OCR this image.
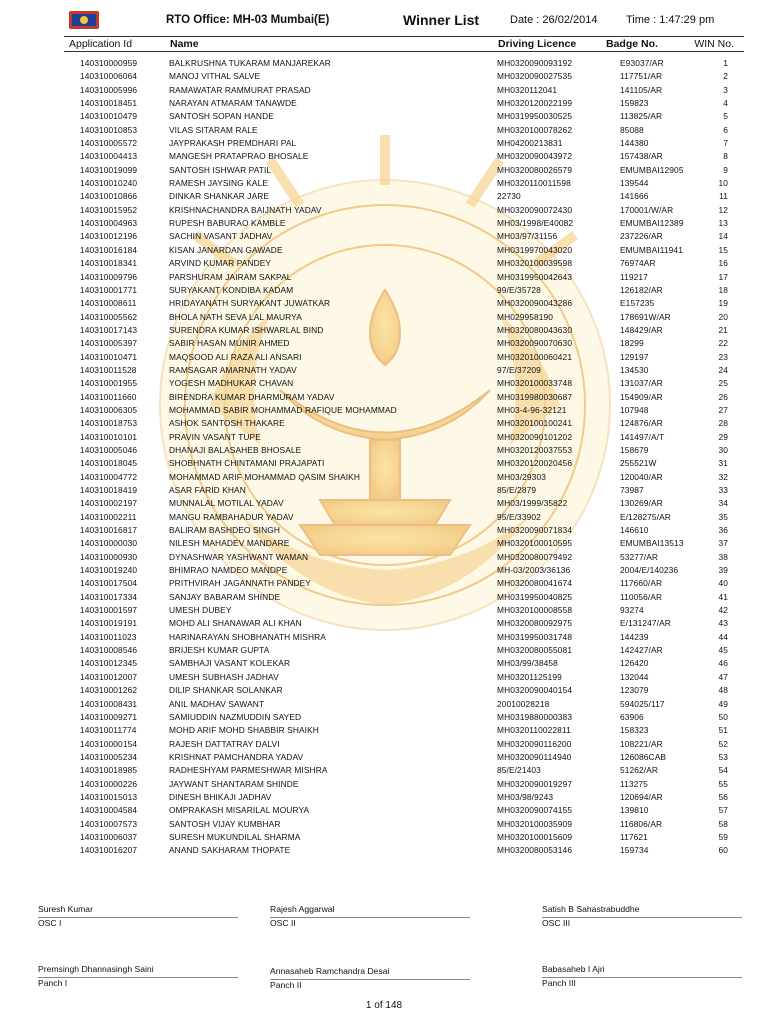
RTO Office: MH-03 Mumbai(E)	Winner List	Date : 26/02/2014	Time : 1:47:29 pm
Application Id	Name	Driving Licence	Badge No.	WIN No.
140310000959	BALKRUSHNA TUKARAM MANJAREKAR	MH0320090093192	E93037/AR	1
140310006064	MANOJ VITHAL SALVE	MH0320090027535	117751/AR	2
140310005996	RAMAWATAR RAMMURAT PRASAD	MH0320112041	141105/AR	3
140310018451	NARAYAN ATMARAM TANAWDE	MH0320120022199	159823	4
140310010479	SANTOSH SOPAN HANDE	MH0319950030525	113825/AR	5
140310010853	VILAS SITARAM RALE	MH0320100078262	85088	6
140310005572	JAYPRAKASH PREMDHARI PAL	MH04200213831	144380	7
140310004413	MANGESH PRATAPRAO BHOSALE	MH0320090043972	157438/AR	8
140310019099	SANTOSH ISHWAR PATIL	MH0320080026579	EMUMBAI12905	9
140310010240	RAMESH JAYSING KALE	MH0320110011598	139544	10
140310010866	DINKAR SHANKAR JARE	22730	141666	11
140310015952	KRISHNACHANDRA BAIJNATH YADAV	MH0320090072430	170001/W/AR	12
140310004963	RUPESH BABURAO KAMBLE	MH03/1998/E40082	EMUMBAI12389	13
140310012196	SACHIN VASANT JADHAV	MH03/97/31156	237226/AR	14
140310016184	KISAN JANARDAN GAWADE	MH0319970043020	EMUMBAI11941	15
140310018341	ARVIND KUMAR PANDEY	MH0320100039598	76974AR	16
140310009796	PARSHURAM JAIRAM SAKPAL	MH0319950042643	119217	17
140310001771	SURYAKANT KONDIBA KADAM	99/E/35728	126182/AR	18
140310008611	HRIDAYANATH SURYAKANT JUWATKAR	MH0320090043286	E157235	19
140310005562	BHOLA NATH SEVA LAL MAURYA	MH029958190	178691W/AR	20
140310017143	SURENDRA KUMAR ISHWARLAL BIND	MH0320080043630	148429/AR	21
140310005397	SABIR HASAN MUNIR AHMED	MH0320090070630	18299	22
140310010471	MAQSOOD ALI RAZA ALI ANSARI	MH0320100060421	129197	23
140310011528	RAMSAGAR AMARNATH YADAV	97/E/37209	134530	24
140310001955	YOGESH MADHUKAR CHAVAN	MH0320100033748	131037/AR	25
140310011660	BIRENDRA KUMAR DHARMURAM YADAV	MH0319980030687	154909/AR	26
140310006305	MOHAMMAD SABIR MOHAMMAD RAFIQUE MOHAMMAD	MH03-4-96-32121	107948	27
140310018753	ASHOK SANTOSH THAKARE	MH0320100100241	124876/AR	28
140310010101	PRAVIN VASANT TUPE	MH0320090101202	141497/A/T	29
140310005046	DHANAJI BALASAHEB BHOSALE	MH0320120037553	158679	30
140310018045	SHOBHNATH CHINTAMANI PRAJAPATI	MH0320120020456	255521W	31
140310004772	MOHAMMAD ARIF MOHAMMAD QASIM SHAIKH	MH03/29303	120040/AR	32
140310018419	ASAR FARID KHAN	85/E/2879	73987	33
140310002197	MUNNALAL MOTILAL YADAV	MH03/1999/35822	130269/AR	34
140310002211	MANGU RAMBAHADUR YADAV	95/E/33902	E/128275/AR	35
140310016817	BALIRAM BASHDEO SINGH	MH0320090071834	146610	36
140310000030	NILESH MAHADEV MANDARE	MH0320100010595	EMUMBAI13513	37
140310000930	DYNASHWAR YASHWANT WAMAN	MH0320080079492	53277/AR	38
140310019240	BHIMRAO NAMDEO MANDPE	MH-03/2003/36136	2004/E/140236	39
140310017504	PRITHVIRAH JAGANNATH PANDEY	MH0320080041674	117660/AR	40
140310017334	SANJAY BABARAM SHINDE	MH0319950040825	110056/AR	41
140310001597	UMESH DUBEY	MH0320100008558	93274	42
140310019191	MOHD ALI SHANAWAR ALI KHAN	MH0320080092975	E/131247/AR	43
140310011023	HARINARAYAN SHOBHANATH MISHRA	MH0319950031748	144239	44
140310008546	BRIJESH KUMAR GUPTA	MH0320080055081	142427/AR	45
140310012345	SAMBHAJI VASANT KOLEKAR	MH03/99/38458	126420	46
140310012007	UMESH SUBHASH JADHAV	MH03201125199	132044	47
140310001262	DILIP SHANKAR SOLANKAR	MH0320090040154	123079	48
140310008431	ANIL MADHAV SAWANT	20010028218	594025/117	49
140310009271	SAMIUDDIN NAZMUDDIN SAYED	MH0319880000383	63906	50
140310011774	MOHD ARIF MOHD SHABBIR SHAIKH	MH0320110022811	158323	51
140310000154	RAJESH DATTATRAY DALVI	MH0320090116200	108221/AR	52
140310005234	KRISHNAT PAMCHANDRA YADAV	MH0320090114940	126086CAB	53
140310018985	RADHESHYAM PARMESHWAR MISHRA	85/E/21403	51262/AR	54
140310000226	JAYWANT SHANTARAM SHINDE	MH0320090019297	113275	55
140310015013	DINESH BHIKAJI JADHAV	MH03/98/9243	120694/AR	56
140310004584	OMPRAKASH MISARILAL MOURYA	MH0320090074155	139810	57
140310007573	SANTOSH VIJAY KUMBHAR	MH0320100035909	116806/AR	58
140310006037	SURESH MUKUNDILAL SHARMA	MH0320100015609	117621	59
140310016207	ANAND SAKHARAM THOPATE	MH0320080053146	159734	60
Suresh Kumar
OSC I
Rajesh Aggarwal
OSC II
Satish B Sahastrabuddhe
OSC III
Premsingh Dhannasingh Saini
Panch I
Annasaheb Ramchandra Desai
Panch II
Babasaheb I Ajri
Panch III
1 of 148
